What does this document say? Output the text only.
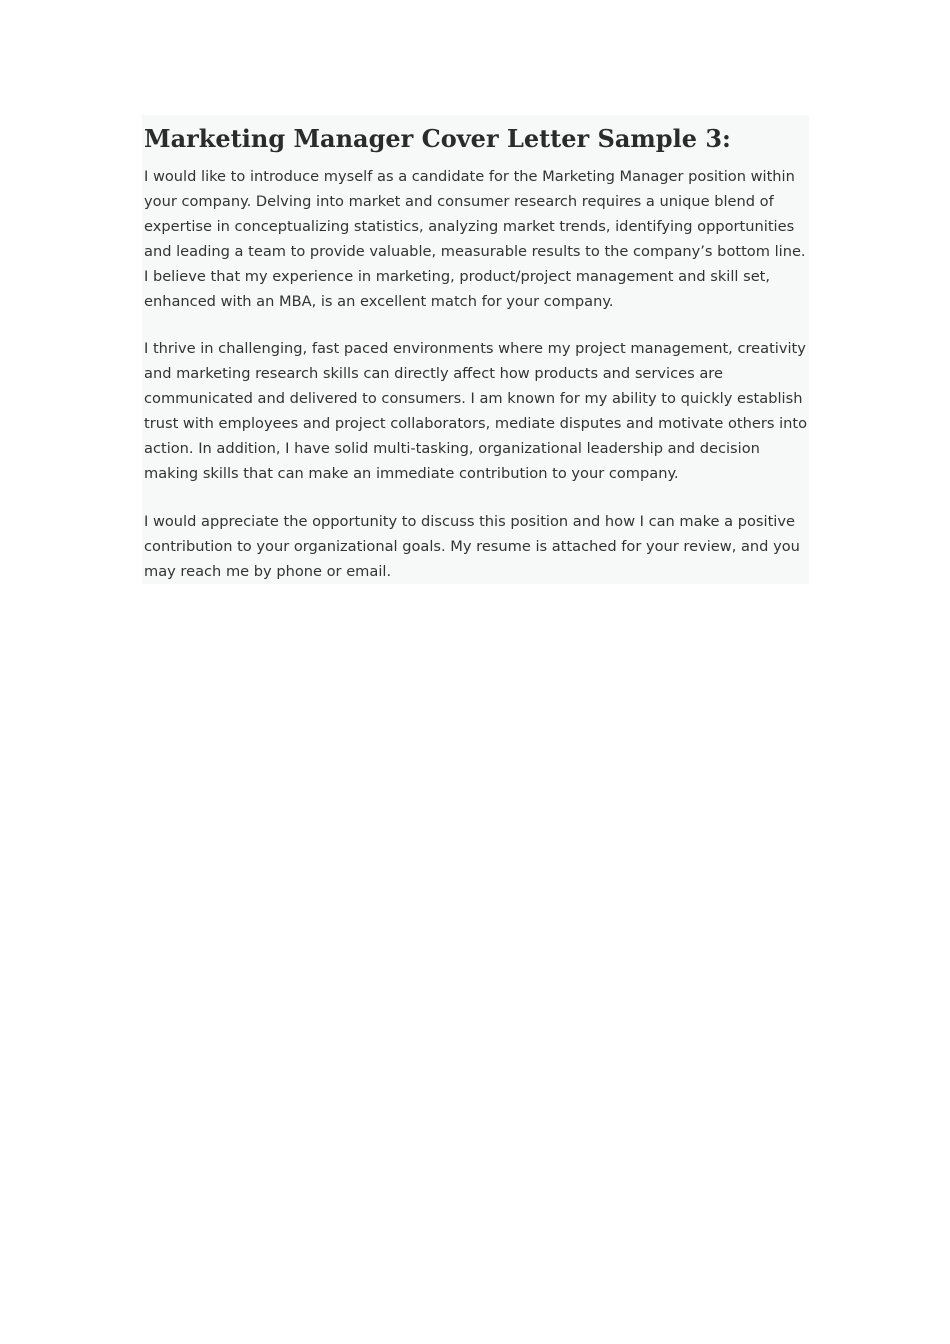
Marketing Manager Cover Letter Sample 3:

I would like to introduce myself as a candidate for the Marketing Manager position within your company. Delving into market and consumer research requires a unique blend of expertise in conceptualizing statistics, analyzing market trends, identifying opportunities and leading a team to provide valuable, measurable results to the company’s bottom line. I believe that my experience in marketing, product/project management and skill set, enhanced with an MBA, is an excellent match for your company.

I thrive in challenging, fast paced environments where my project management, creativity and marketing research skills can directly affect how products and services are communicated and delivered to consumers. I am known for my ability to quickly establish trust with employees and project collaborators, mediate disputes and motivate others into action. In addition, I have solid multi-tasking, organizational leadership and decision making skills that can make an immediate contribution to your company.

I would appreciate the opportunity to discuss this position and how I can make a positive contribution to your organizational goals. My resume is attached for your review, and you may reach me by phone or email.
